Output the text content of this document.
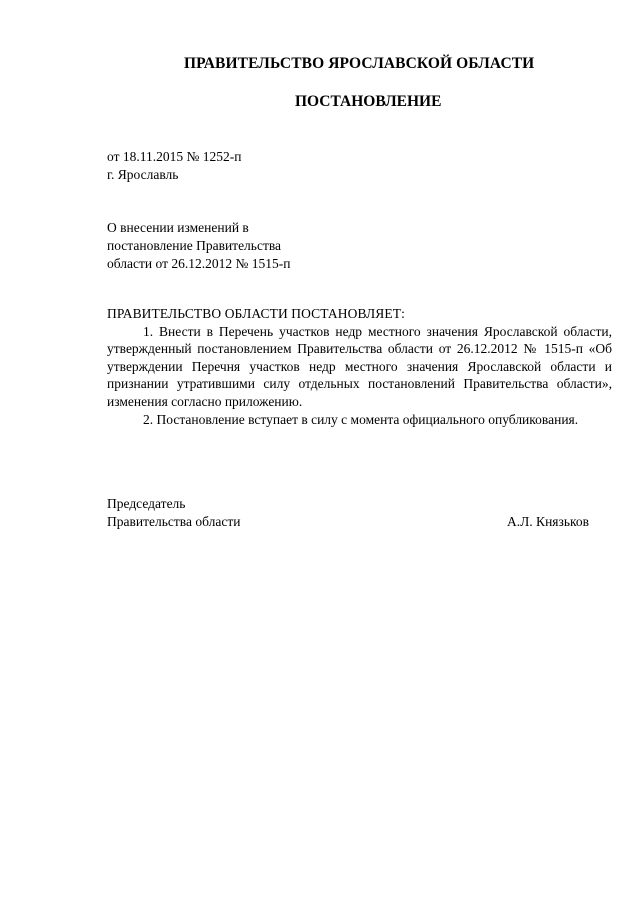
ПРАВИТЕЛЬСТВО ЯРОСЛАВСКОЙ ОБЛАСТИ
ПОСТАНОВЛЕНИЕ
от 18.11.2015 № 1252-п
г. Ярославль
О внесении изменений в
постановление Правительства
области от 26.12.2012 № 1515-п
ПРАВИТЕЛЬСТВО ОБЛАСТИ ПОСТАНОВЛЯЕТ:

1. Внести в Перечень участков недр местного значения Ярославской области, утвержденный постановлением Правительства области от 26.12.2012 № 1515-п «Об утверждении Перечня участков недр местного значения Ярославской области и признании утратившими силу отдельных постановлений Правительства области», изменения согласно приложению.

2. Постановление вступает в силу с момента официального опубликования.

Председатель
Правительства области	А.Л. Князьков
